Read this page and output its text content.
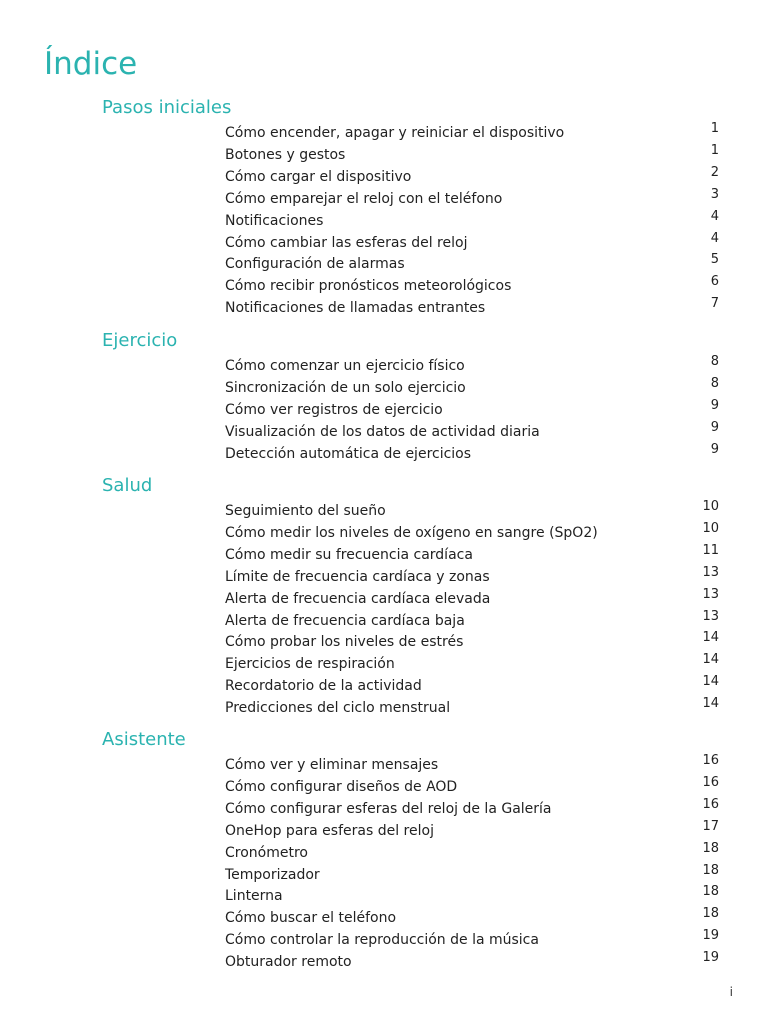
Índice
Pasos iniciales
Cómo encender, apagar y reiniciar el dispositivo	1
Botones y gestos	1
Cómo cargar el dispositivo	2
Cómo emparejar el reloj con el teléfono	3
Notificaciones	4
Cómo cambiar las esferas del reloj	4
Configuración de alarmas	5
Cómo recibir pronósticos meteorológicos	6
Notificaciones de llamadas entrantes	7
Ejercicio
Cómo comenzar un ejercicio físico	8
Sincronización de un solo ejercicio	8
Cómo ver registros de ejercicio	9
Visualización de los datos de actividad diaria	9
Detección automática de ejercicios	9
Salud
Seguimiento del sueño	10
Cómo medir los niveles de oxígeno en sangre (SpO2)	10
Cómo medir su frecuencia cardíaca	11
Límite de frecuencia cardíaca y zonas	13
Alerta de frecuencia cardíaca elevada	13
Alerta de frecuencia cardíaca baja	13
Cómo probar los niveles de estrés	14
Ejercicios de respiración	14
Recordatorio de la actividad	14
Predicciones del ciclo menstrual	14
Asistente
Cómo ver y eliminar mensajes	16
Cómo configurar diseños de AOD	16
Cómo configurar esferas del reloj de la Galería	16
OneHop para esferas del reloj	17
Cronómetro	18
Temporizador	18
Linterna	18
Cómo buscar el teléfono	18
Cómo controlar la reproducción de la música	19
Obturador remoto	19
i
